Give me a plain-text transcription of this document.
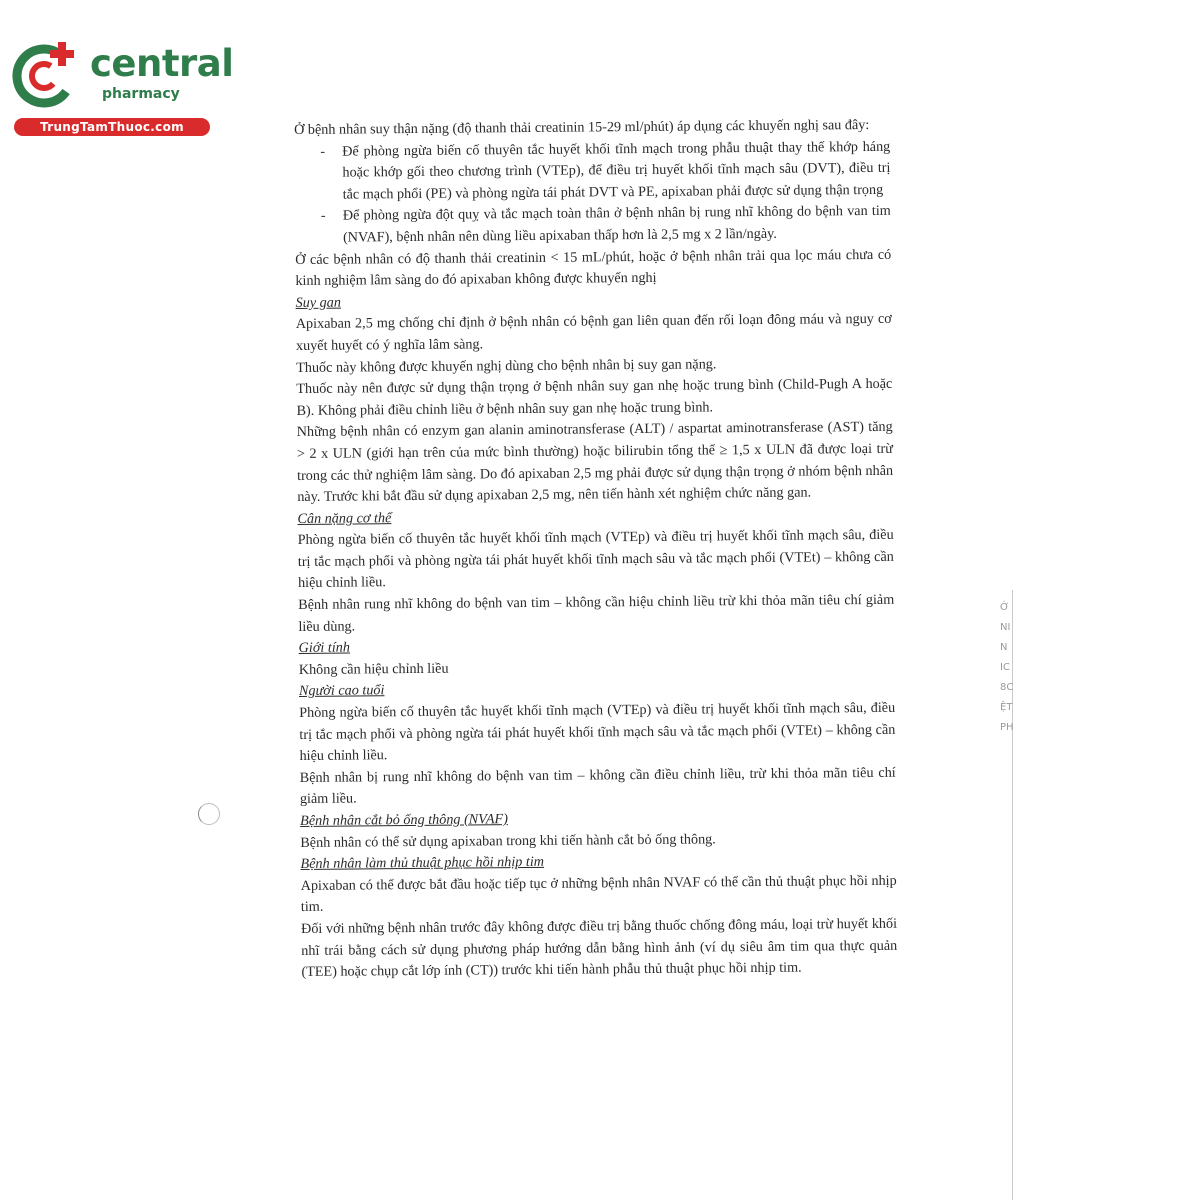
central
pharmacy
TrungTamThuoc.com	Ở bệnh nhân suy thận nặng (độ thanh thải creatinin 15-29 ml/phút) áp dụng các khuyến nghị sau đây:

- Để phòng ngừa biến cố thuyên tắc huyết khối tĩnh mạch trong phẫu thuật thay thế khớp háng hoặc khớp gối theo chương trình (VTEp), để điều trị huyết khối tĩnh mạch sâu (DVT), điều trị tắc mạch phổi (PE) và phòng ngừa tái phát DVT và PE, apixaban phải được sử dụng thận trọng
- Để phòng ngừa đột quỵ và tắc mạch toàn thân ở bệnh nhân bị rung nhĩ không do bệnh van tim (NVAF), bệnh nhân nên dùng liều apixaban thấp hơn là 2,5 mg x 2 lần/ngày.

Ở các bệnh nhân có độ thanh thải creatinin < 15 mL/phút, hoặc ở bệnh nhân trải qua lọc máu chưa có kinh nghiệm lâm sàng do đó apixaban không được khuyến nghị

Suy gan

Apixaban 2,5 mg chống chỉ định ở bệnh nhân có bệnh gan liên quan đến rối loạn đông máu và nguy cơ xuyết huyết có ý nghĩa lâm sàng.

Thuốc này không được khuyến nghị dùng cho bệnh nhân bị suy gan nặng.

Thuốc này nên được sử dụng thận trọng ở bệnh nhân suy gan nhẹ hoặc trung bình (Child-Pugh A hoặc B). Không phải điều chỉnh liều ở bệnh nhân suy gan nhẹ hoặc trung bình.

Những bệnh nhân có enzym gan alanin aminotransferase (ALT) / aspartat aminotransferase (AST) tăng > 2 x ULN (giới hạn trên của mức bình thường) hoặc bilirubin tổng thể ≥ 1,5 x ULN đã được loại trừ trong các thử nghiệm lâm sàng. Do đó apixaban 2,5 mg phải được sử dụng thận trọng ở nhóm bệnh nhân này. Trước khi bắt đầu sử dụng apixaban 2,5 mg, nên tiến hành xét nghiệm chức năng gan.

Cân nặng cơ thể

Phòng ngừa biến cố thuyên tắc huyết khối tĩnh mạch (VTEp) và điều trị huyết khối tĩnh mạch sâu, điều trị tắc mạch phổi và phòng ngừa tái phát huyết khối tĩnh mạch sâu và tắc mạch phổi (VTEt) – không cần hiệu chỉnh liều.

Bệnh nhân rung nhĩ không do bệnh van tim – không cần hiệu chỉnh liều trừ khi thỏa mãn tiêu chí giảm liều dùng.

Giới tính

Không cần hiệu chỉnh liều

Người cao tuổi

Phòng ngừa biến cố thuyên tắc huyết khối tĩnh mạch (VTEp) và điều trị huyết khối tĩnh mạch sâu, điều trị tắc mạch phổi và phòng ngừa tái phát huyết khối tĩnh mạch sâu và tắc mạch phổi (VTEt) – không cần hiệu chỉnh liều.

Bệnh nhân bị rung nhĩ không do bệnh van tim – không cần điều chỉnh liều, trừ khi thỏa mãn tiêu chí giảm liều.

Bệnh nhân cắt bỏ ống thông (NVAF)

Bệnh nhân có thể sử dụng apixaban trong khi tiến hành cắt bỏ ống thông.

Bệnh nhân làm thủ thuật phục hồi nhịp tim

Apixaban có thể được bắt đầu hoặc tiếp tục ở những bệnh nhân NVAF có thể cần thủ thuật phục hồi nhịp tim.

Đối với những bệnh nhân trước đây không được điều trị bằng thuốc chống đông máu, loại trừ huyết khối nhĩ trái bằng cách sử dụng phương pháp hướng dẫn bằng hình ảnh (ví dụ siêu âm tim qua thực quản (TEE) hoặc chụp cắt lớp ính (CT)) trước khi tiến hành phẫu thủ thuật phục hồi nhịp tim.

Ớ
NI
N
IC
8C
ỆT
PH
